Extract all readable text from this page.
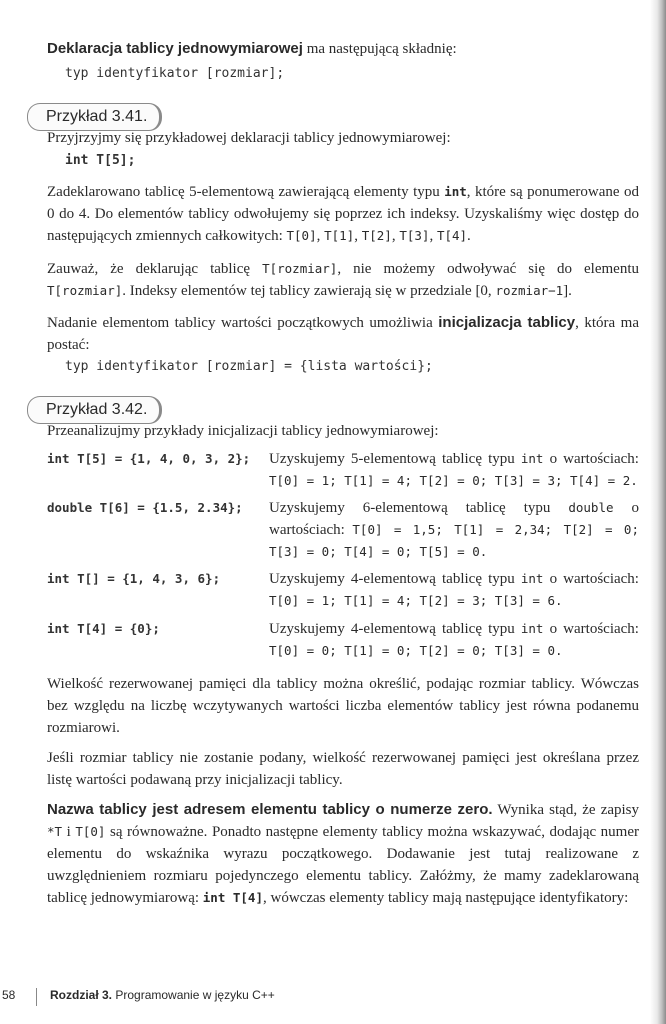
Deklaracja tablicy jednowymiarowej ma następującą składnię:

typ identyfikator [rozmiar];
Przykład 3.41.

Przyjrzyjmy się przykładowej deklaracji tablicy jednowymiarowej:

int T[5];

Zadeklarowano tablicę 5-elementową zawierającą elementy typu int, które są ponumerowane od 0 do 4. Do elementów tablicy odwołujemy się poprzez ich indeksy. Uzyskaliśmy więc dostęp do następujących zmiennych całkowitych: T[0], T[1], T[2], T[3], T[4].

Zauważ, że deklarując tablicę T[rozmiar], nie możemy odwoływać się do elementu T[rozmiar]. Indeksy elementów tej tablicy zawierają się w przedziale [0, rozmiar−1].

Nadanie elementom tablicy wartości początkowych umożliwia inicjalizacja tablicy, która ma postać:

typ identyfikator [rozmiar] = {lista wartości};
Przykład 3.42.

Przeanalizujmy przykłady inicjalizacji tablicy jednowymiarowej:

int T[5] = {1, 4, 0, 3, 2};	Uzyskujemy 5-elementową tablicę typu int o wartościach: T[0] = 1; T[1] = 4; T[2] = 0; T[3] = 3; T[4] = 2.
double T[6] = {1.5, 2.34};	Uzyskujemy 6-elementową tablicę typu double o wartościach: T[0] = 1,5; T[1] = 2,34; T[2] = 0; T[3] = 0; T[4] = 0; T[5] = 0.
int T[] = {1, 4, 3, 6};	Uzyskujemy 4-elementową tablicę typu int o wartościach: T[0] = 1; T[1] = 4; T[2] = 3; T[3] = 6.
int T[4] = {0};	Uzyskujemy 4-elementową tablicę typu int o wartościach: T[0] = 0; T[1] = 0; T[2] = 0; T[3] = 0.

Wielkość rezerwowanej pamięci dla tablicy można określić, podając rozmiar tablicy. Wówczas bez względu na liczbę wczytywanych wartości liczba elementów tablicy jest równa podanemu rozmiarowi.

Jeśli rozmiar tablicy nie zostanie podany, wielkość rezerwowanej pamięci jest określana przez listę wartości podawaną przy inicjalizacji tablicy.

Nazwa tablicy jest adresem elementu tablicy o numerze zero. Wynika stąd, że zapisy *T i T[0] są równoważne. Ponadto następne elementy tablicy można wskazywać, dodając numer elementu do wskaźnika wyrazu początkowego. Dodawanie jest tutaj realizowane z uwzględnieniem rozmiaru pojedynczego elementu tablicy. Załóżmy, że mamy zadeklarowaną tablicę jednowymiarową: int T[4], wówczas elementy tablicy mają następujące identyfikatory:

58	Rozdział 3. Programowanie w języku C++
